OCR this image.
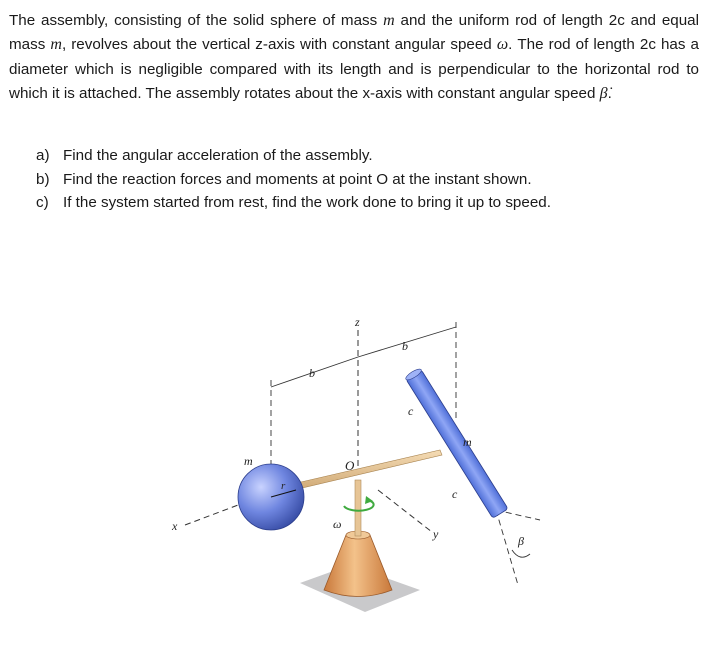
The assembly, consisting of the solid sphere of mass m and the uniform rod of length 2c and equal mass m, revolves about the vertical z-axis with constant angular speed ω. The rod of length 2c has a diameter which is negligible compared with its length and is perpendicular to the horizontal rod to which it is attached. The assembly rotates about the x-axis with constant angular speed β̇.
a) Find the angular acceleration of the assembly.
b) Find the reaction forces and moments at point O at the instant shown.
c) If the system started from rest, find the work done to bring it up to speed.
z
b
b
c
m
m	O
r
c
ω
x
y	β
